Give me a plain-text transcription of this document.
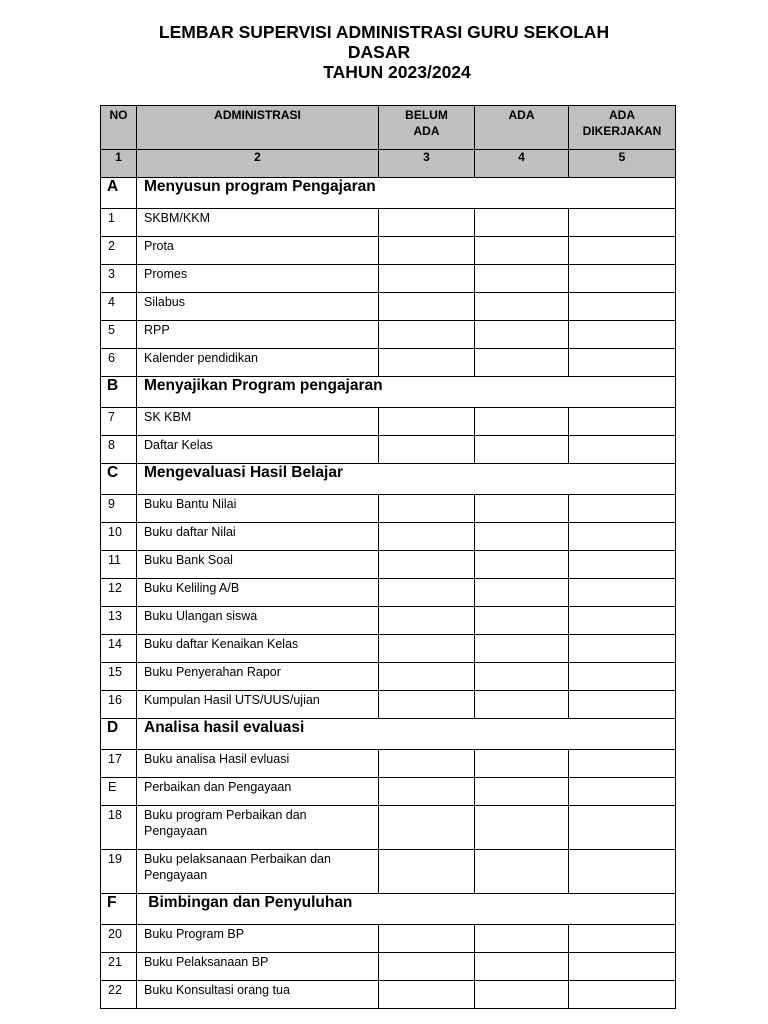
LEMBAR SUPERVISI ADMINISTRASI GURU SEKOLAH
DASAR
TAHUN 2023/2024
NO	ADMINISTRASI	BELUM ADA	ADA	ADA DIKERJAKAN
1	2	3	4	5
A	Menyusun program Pengajaran			
1	SKBM/KKM			
2	Prota			
3	Promes			
4	Silabus			
5	RPP			
6	Kalender pendidikan			
B	Menyajikan Program pengajaran			
7	SK KBM			
8	Daftar Kelas			
C	Mengevaluasi Hasil Belajar			
9	Buku Bantu Nilai			
10	Buku daftar Nilai			
11	Buku Bank Soal			
12	Buku Keliling A/B			
13	Buku Ulangan siswa			
14	Buku daftar Kenaikan Kelas			
15	Buku Penyerahan Rapor			
16	Kumpulan Hasil UTS/UUS/ujian			
D	Analisa hasil evaluasi			
17	Buku analisa Hasil evluasi			
E	Perbaikan dan Pengayaan			
18	Buku program Perbaikan dan Pengayaan			
19	Buku pelaksanaan Perbaikan dan Pengayaan			
F	Bimbingan dan Penyuluhan			
20	Buku Program BP			
21	Buku Pelaksanaan BP			
22	Buku Konsultasi orang tua			
